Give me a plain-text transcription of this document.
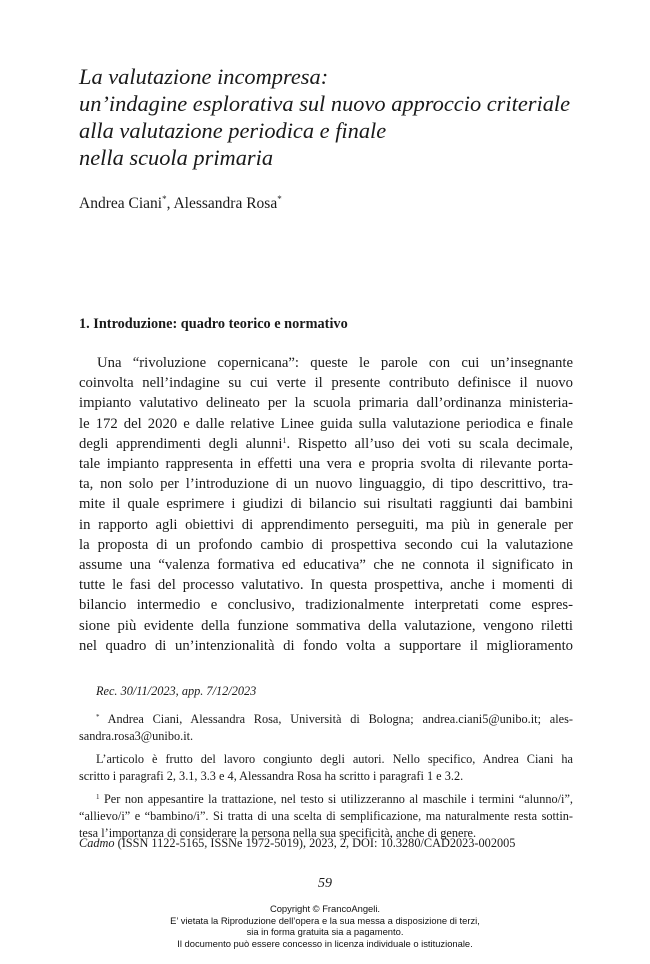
La valutazione incompresa:
un’indagine esplorativa sul nuovo approccio criteriale
alla valutazione periodica e finale
nella scuola primaria
Andrea Ciani*, Alessandra Rosa*
1. Introduzione: quadro teorico e normativo
Una “rivoluzione copernicana”: queste le parole con cui un’insegnante
coinvolta nell’indagine su cui verte il presente contributo definisce il nuovo
impianto valutativo delineato per la scuola primaria dall’ordinanza ministeria-
le 172 del 2020 e dalle relative Linee guida sulla valutazione periodica e finale
degli apprendimenti degli alunni$^1$. Rispetto all’uso dei voti su scala decimale,
tale impianto rappresenta in effetti una vera e propria svolta di rilevante porta-
ta, non solo per l’introduzione di un nuovo linguaggio, di tipo descrittivo, tra-
mite il quale esprimere i giudizi di bilancio sui risultati raggiunti dai bambini
in rapporto agli obiettivi di apprendimento perseguiti, ma più in generale per
la proposta di un profondo cambio di prospettiva secondo cui la valutazione
assume una “valenza formativa ed educativa” che ne connota il significato in
tutte le fasi del processo valutativo. In questa prospettiva, anche i momenti di
bilancio intermedio e conclusivo, tradizionalmente interpretati come espres-
sione più evidente della funzione sommativa della valutazione, vengono riletti
nel quadro di un’intenzionalità di fondo volta a supportare il miglioramento
Rec. 30/11/2023, app. 7/12/2023
* Andrea Ciani, Alessandra Rosa, Università di Bologna; andrea.ciani5@unibo.it; ales-
sandra.rosa3@unibo.it.
L’articolo è frutto del lavoro congiunto degli autori. Nello specifico, Andrea Ciani ha
scritto i paragrafi 2, 3.1, 3.3 e 4, Alessandra Rosa ha scritto i paragrafi 1 e 3.2.
$^1$ Per non appesantire la trattazione, nel testo si utilizzeranno al maschile i termini “alunno/i”,
“allievo/i” e “bambino/i”. Si tratta di una scelta di semplificazione, ma naturalmente resta sottin-
tesa l’importanza di considerare la persona nella sua specificità, anche di genere.
Cadmo (ISSN 1122-5165, ISSNe 1972-5019), 2023, 2, DOI: 10.3280/CAD2023-002005
59
Copyright © FrancoAngeli.
E’ vietata la Riproduzione dell’opera e la sua messa a disposizione di terzi,
sia in forma gratuita sia a pagamento.
Il documento può essere concesso in licenza individuale o istituzionale.
